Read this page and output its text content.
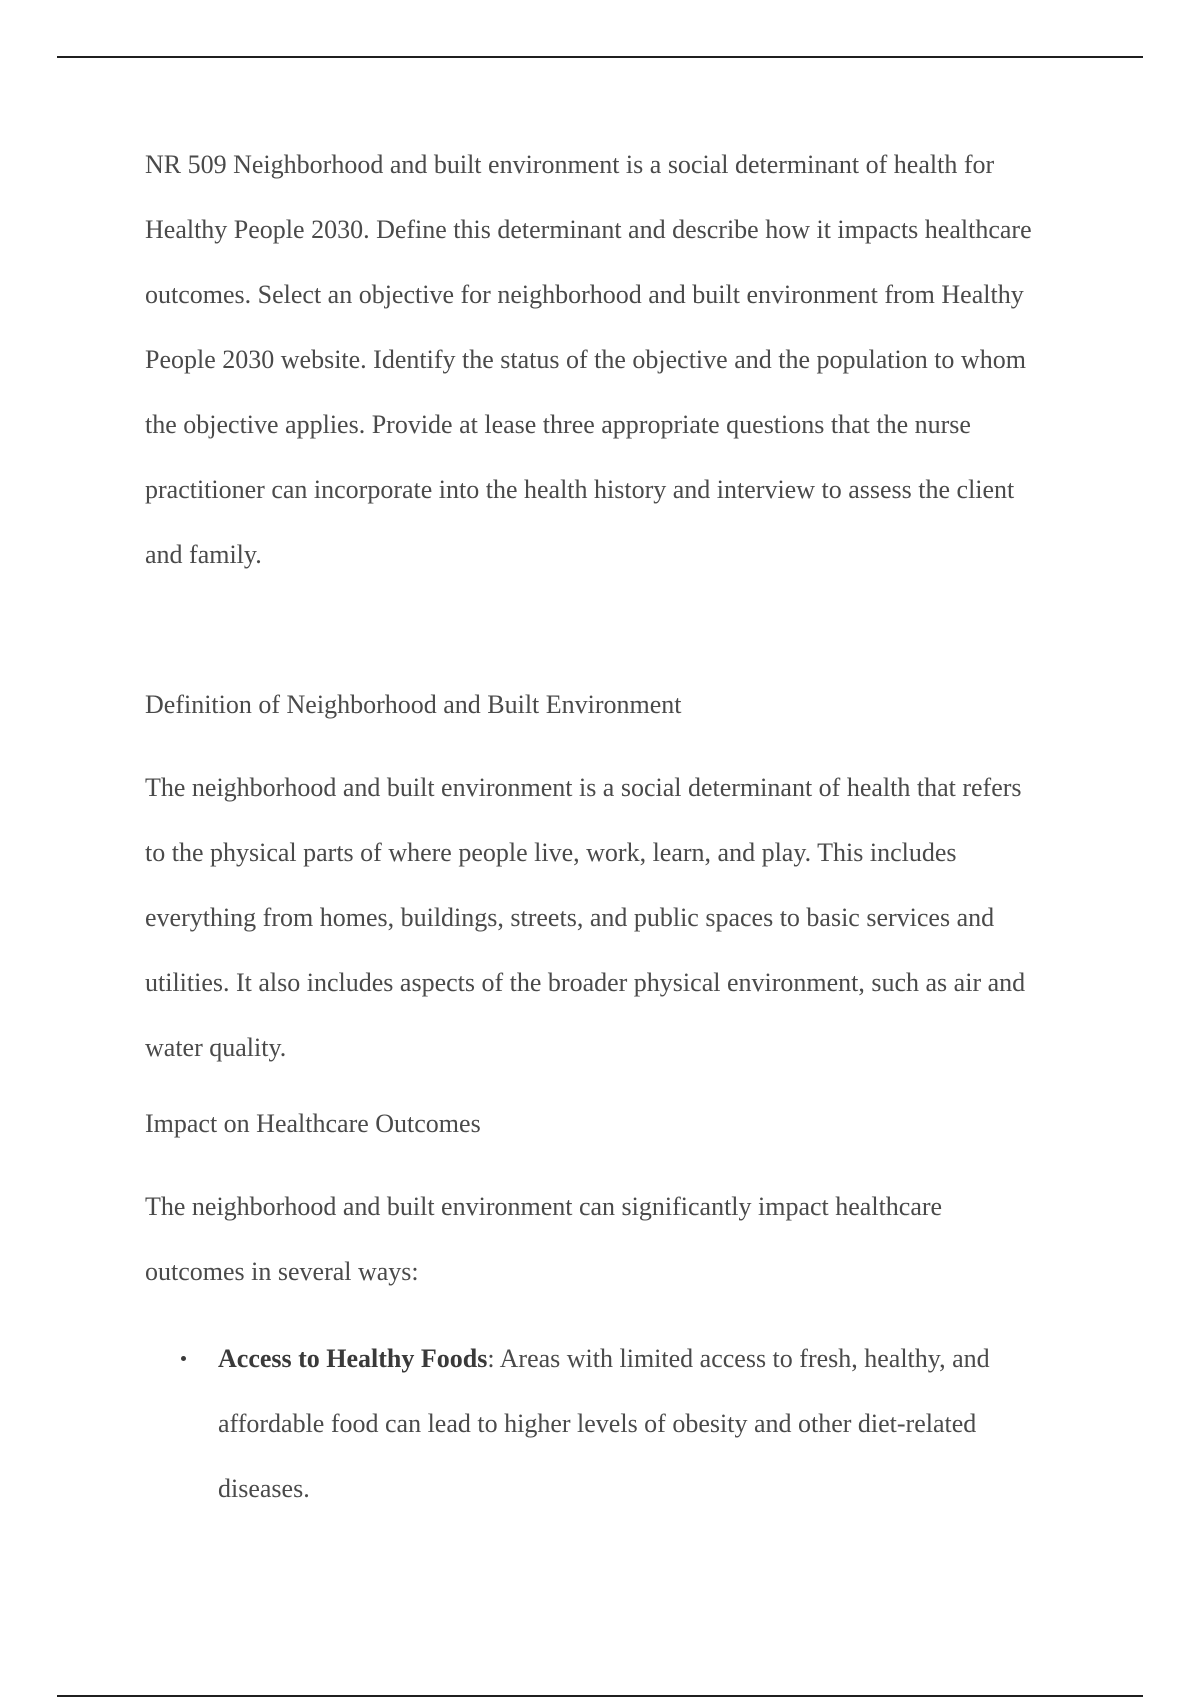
NR 509 Neighborhood and built environment is a social determinant of health for Healthy People 2030. Define this determinant and describe how it impacts healthcare outcomes. Select an objective for neighborhood and built environment from Healthy People 2030 website. Identify the status of the objective and the population to whom the objective applies. Provide at lease three appropriate questions that the nurse practitioner can incorporate into the health history and interview to assess the client and family.

Definition of Neighborhood and Built Environment

The neighborhood and built environment is a social determinant of health that refers to the physical parts of where people live, work, learn, and play. This includes everything from homes, buildings, streets, and public spaces to basic services and utilities. It also includes aspects of the broader physical environment, such as air and water quality.

Impact on Healthcare Outcomes

The neighborhood and built environment can significantly impact healthcare outcomes in several ways:

Access to Healthy Foods: Areas with limited access to fresh, healthy, and affordable food can lead to higher levels of obesity and other diet-related diseases.
